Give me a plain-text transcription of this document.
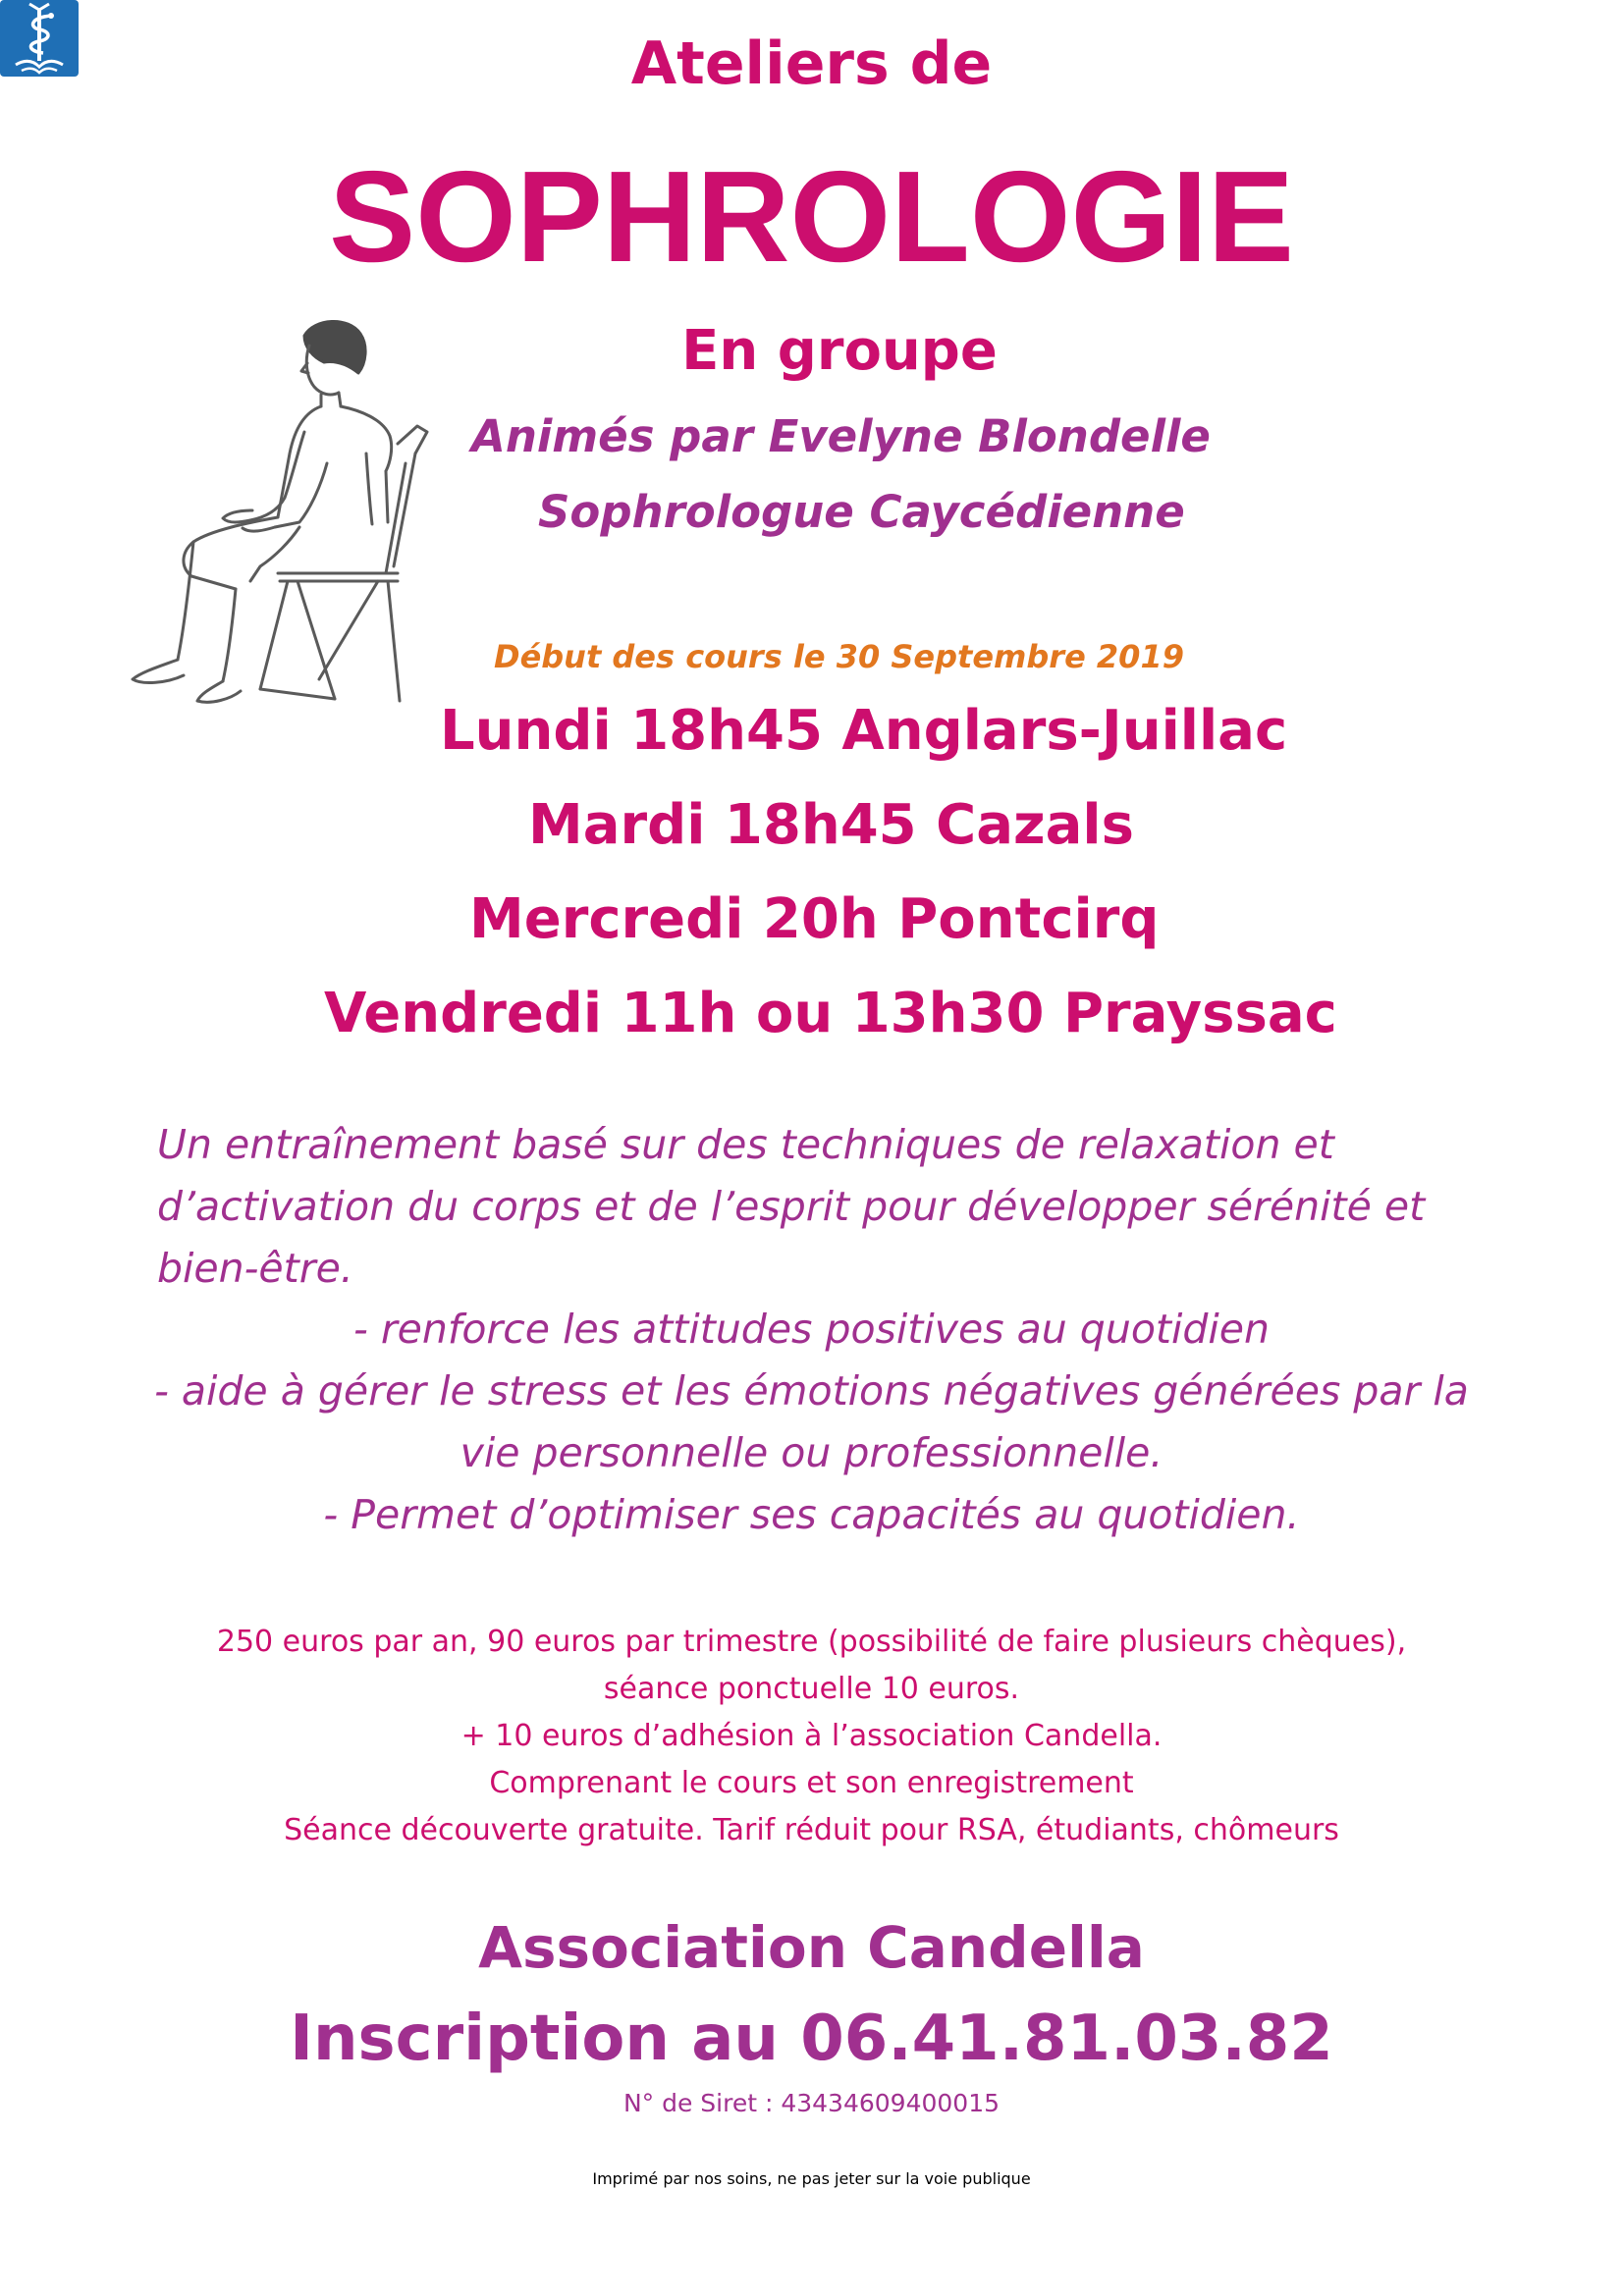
Ateliers de
SOPHROLOGIE
En groupe
Animés par Evelyne Blondelle
Sophrologue Caycédienne
Début des cours le 30 Septembre 2019
Lundi 18h45 Anglars-Juillac
Mardi 18h45 Cazals
Mercredi 20h Pontcirq
Vendredi 11h ou 13h30 Prayssac
Un entraînement basé sur des techniques de relaxation et
d’activation du corps et de l’esprit pour développer sérénité et
bien-être.
- renforce les attitudes positives au quotidien
- aide à gérer le stress et les émotions négatives générées par la
vie personnelle ou professionnelle.
- Permet d’optimiser ses capacités au quotidien.
250 euros par an, 90 euros par trimestre (possibilité de faire plusieurs chèques),
séance ponctuelle 10 euros.
+ 10 euros d’adhésion à l’association Candella.
Comprenant le cours et son enregistrement
Séance découverte gratuite. Tarif réduit pour RSA, étudiants, chômeurs
Association Candella
Inscription au 06.41.81.03.82
N° de Siret : 43434609400015
Imprimé par nos soins, ne pas jeter sur la voie publique
